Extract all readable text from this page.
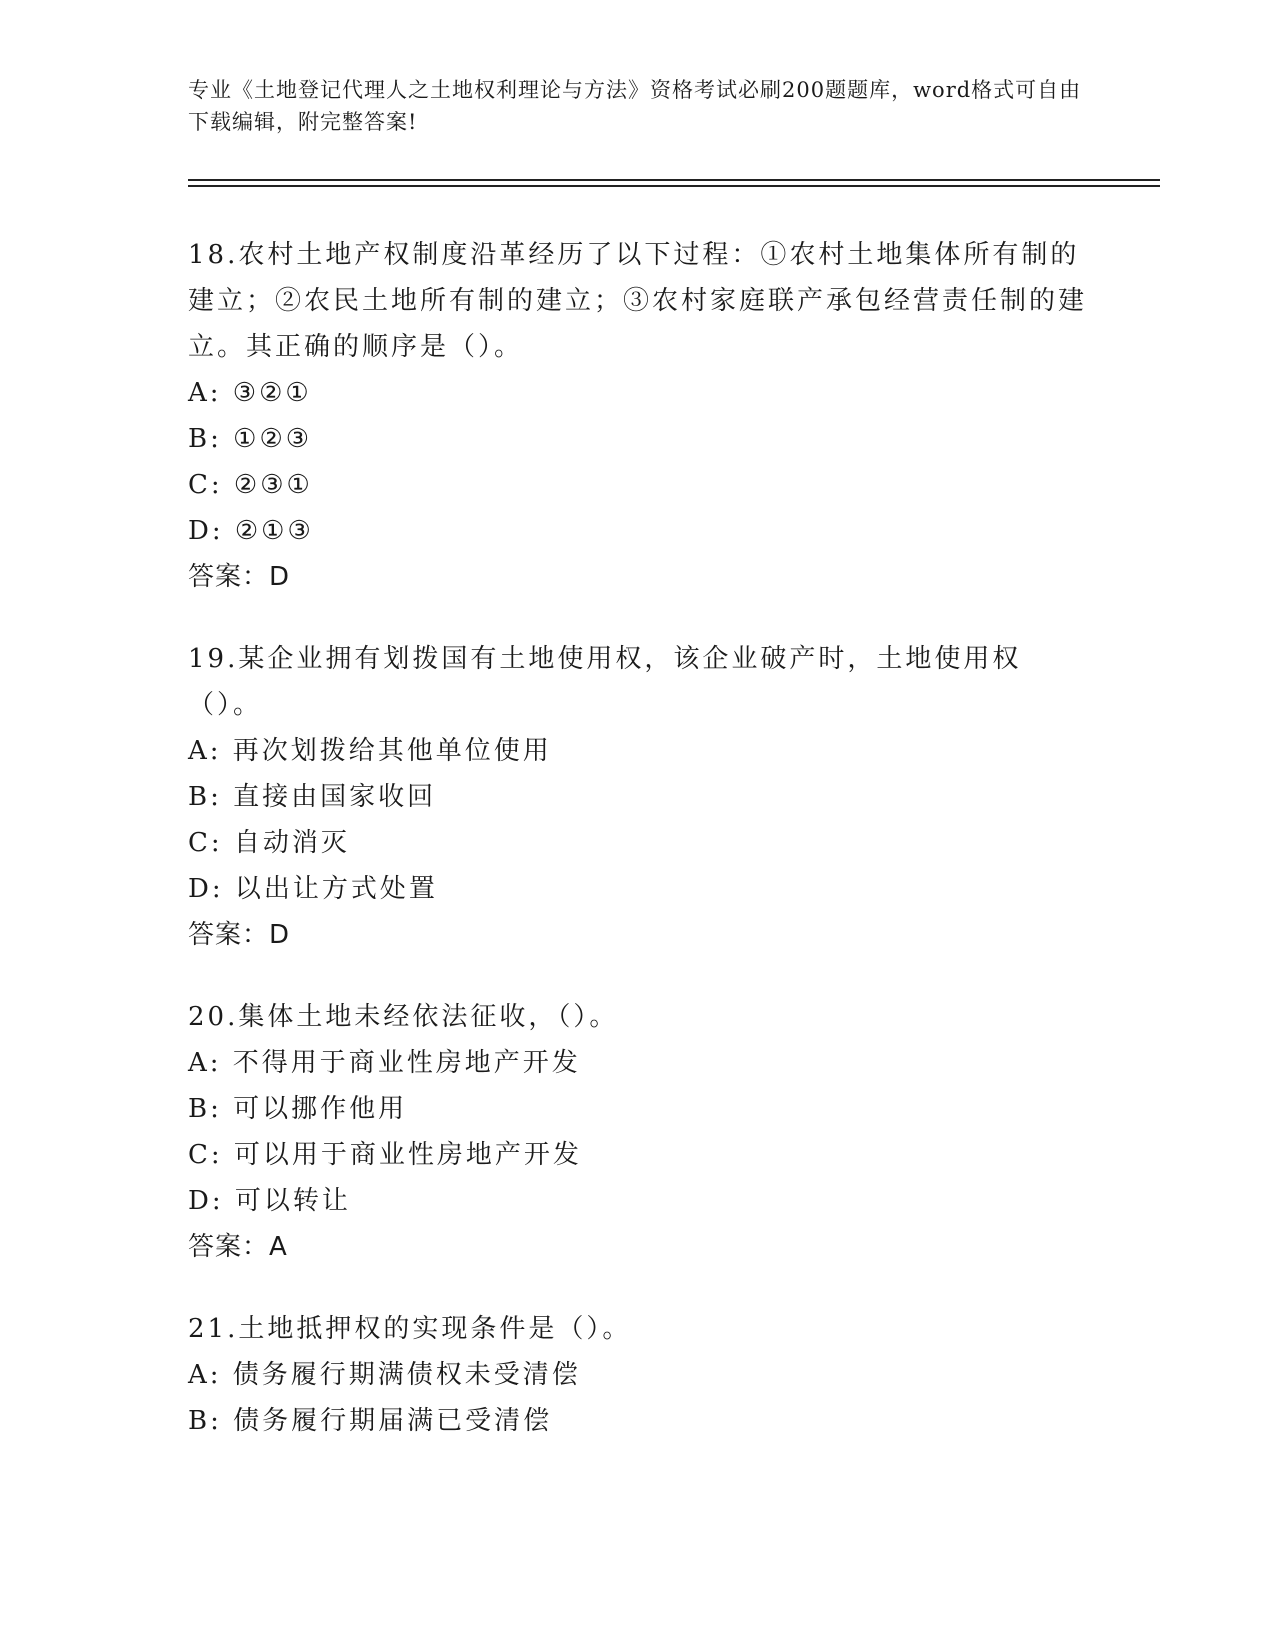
专业《土地登记代理人之土地权利理论与方法》资格考试必刷200题题库，word格式可自由下载编辑，附完整答案!

18.农村土地产权制度沿革经历了以下过程：①农村土地集体所有制的建立；②农民土地所有制的建立；③农村家庭联产承包经营责任制的建立。其正确的顺序是（）。

A: ③②①

B: ①②③

C: ②③①

D: ②①③

答案：D

19.某企业拥有划拨国有土地使用权，该企业破产时，土地使用权（）。

A: 再次划拨给其他单位使用

B: 直接由国家收回

C: 自动消灭

D: 以出让方式处置

答案：D

20.集体土地未经依法征收，（）。

A: 不得用于商业性房地产开发

B: 可以挪作他用

C: 可以用于商业性房地产开发

D: 可以转让

答案：A

21.土地抵押权的实现条件是（）。

A: 债务履行期满债权未受清偿

B: 债务履行期届满已受清偿
